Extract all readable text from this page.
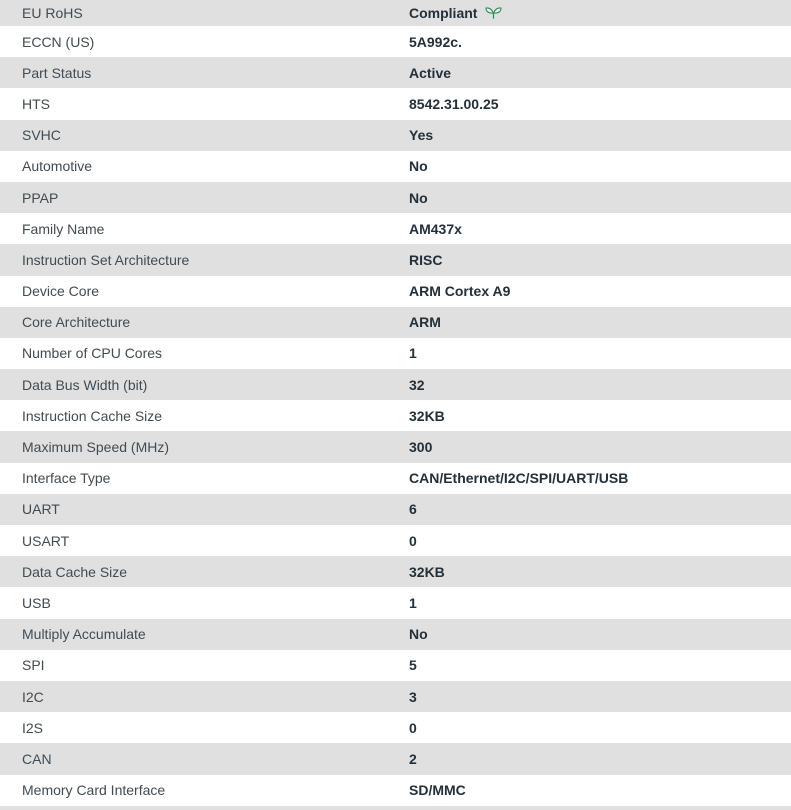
EU RoHS	Compliant
ECCN (US)	5A992c.
Part Status	Active
HTS	8542.31.00.25
SVHC	Yes
Automotive	No
PPAP	No
Family Name	AM437x
Instruction Set Architecture	RISC
Device Core	ARM Cortex A9
Core Architecture	ARM
Number of CPU Cores	1
Data Bus Width (bit)	32
Instruction Cache Size	32KB
Maximum Speed (MHz)	300
Interface Type	CAN/Ethernet/I2C/SPI/UART/USB
UART	6
USART	0
Data Cache Size	32KB
USB	1
Multiply Accumulate	No
SPI	5
I2C	3
I2S	0
CAN	2
Memory Card Interface	SD/MMC
